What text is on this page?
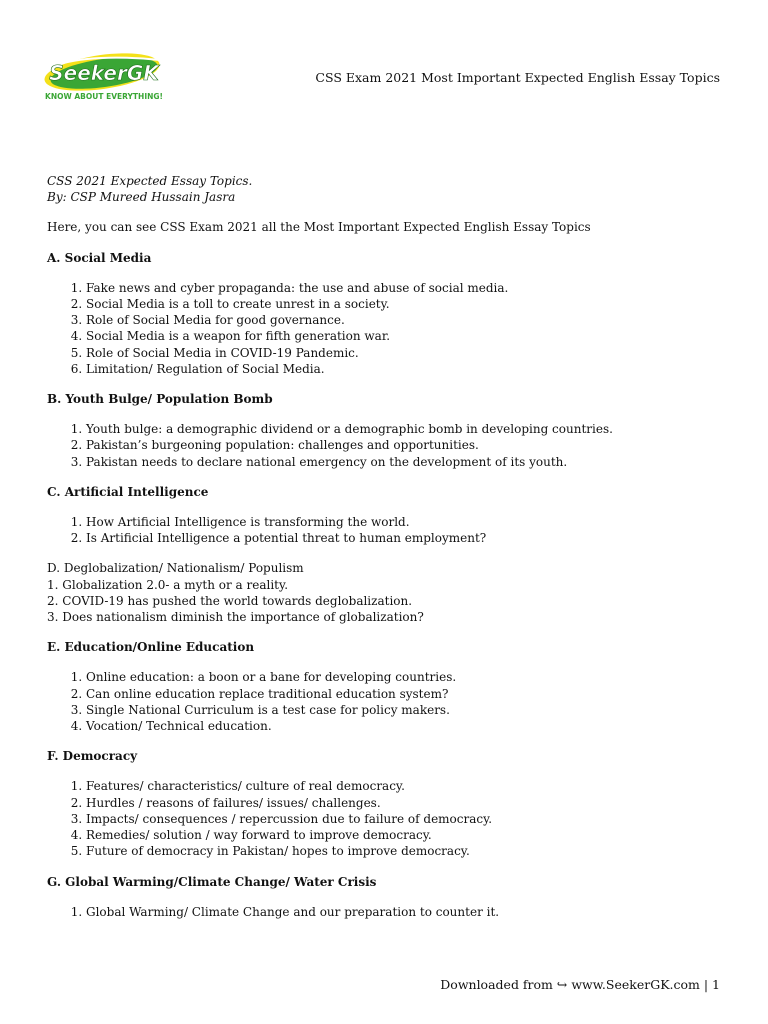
SeekerGK
KNOW ABOUT EVERYTHING!
CSS Exam 2021 Most Important Expected English Essay Topics

CSS 2021 Expected Essay Topics.

By: CSP Mureed Hussain Jasra

Here, you can see CSS Exam 2021 all the Most Important Expected English Essay Topics

A. Social Media

1. Fake news and cyber propaganda: the use and abuse of social media.
2. Social Media is a toll to create unrest in a society.
3. Role of Social Media for good governance.
4. Social Media is a weapon for fifth generation war.
5. Role of Social Media in COVID-19 Pandemic.
6. Limitation/ Regulation of Social Media.

B. Youth Bulge/ Population Bomb

1. Youth bulge: a demographic dividend or a demographic bomb in developing countries.
2. Pakistan’s burgeoning population: challenges and opportunities.
3. Pakistan needs to declare national emergency on the development of its youth.

C. Artificial Intelligence

1. How Artificial Intelligence is transforming the world.
2. Is Artificial Intelligence a potential threat to human employment?
D. Deglobalization/ Nationalism/ Populism
1. Globalization 2.0- a myth or a reality.
2. COVID-19 has pushed the world towards deglobalization.
3. Does nationalism diminish the importance of globalization?

E. Education/Online Education

1. Online education: a boon or a bane for developing countries.
2. Can online education replace traditional education system?
3. Single National Curriculum is a test case for policy makers.
4. Vocation/ Technical education.

F. Democracy

1. Features/ characteristics/ culture of real democracy.
2. Hurdles / reasons of failures/ issues/ challenges.
3. Impacts/ consequences / repercussion due to failure of democracy.
4. Remedies/ solution / way forward to improve democracy.
5. Future of democracy in Pakistan/ hopes to improve democracy.

G. Global Warming/Climate Change/ Water Crisis

1. Global Warming/ Climate Change and our preparation to counter it.
Downloaded from ↪ www.SeekerGK.com | 1
